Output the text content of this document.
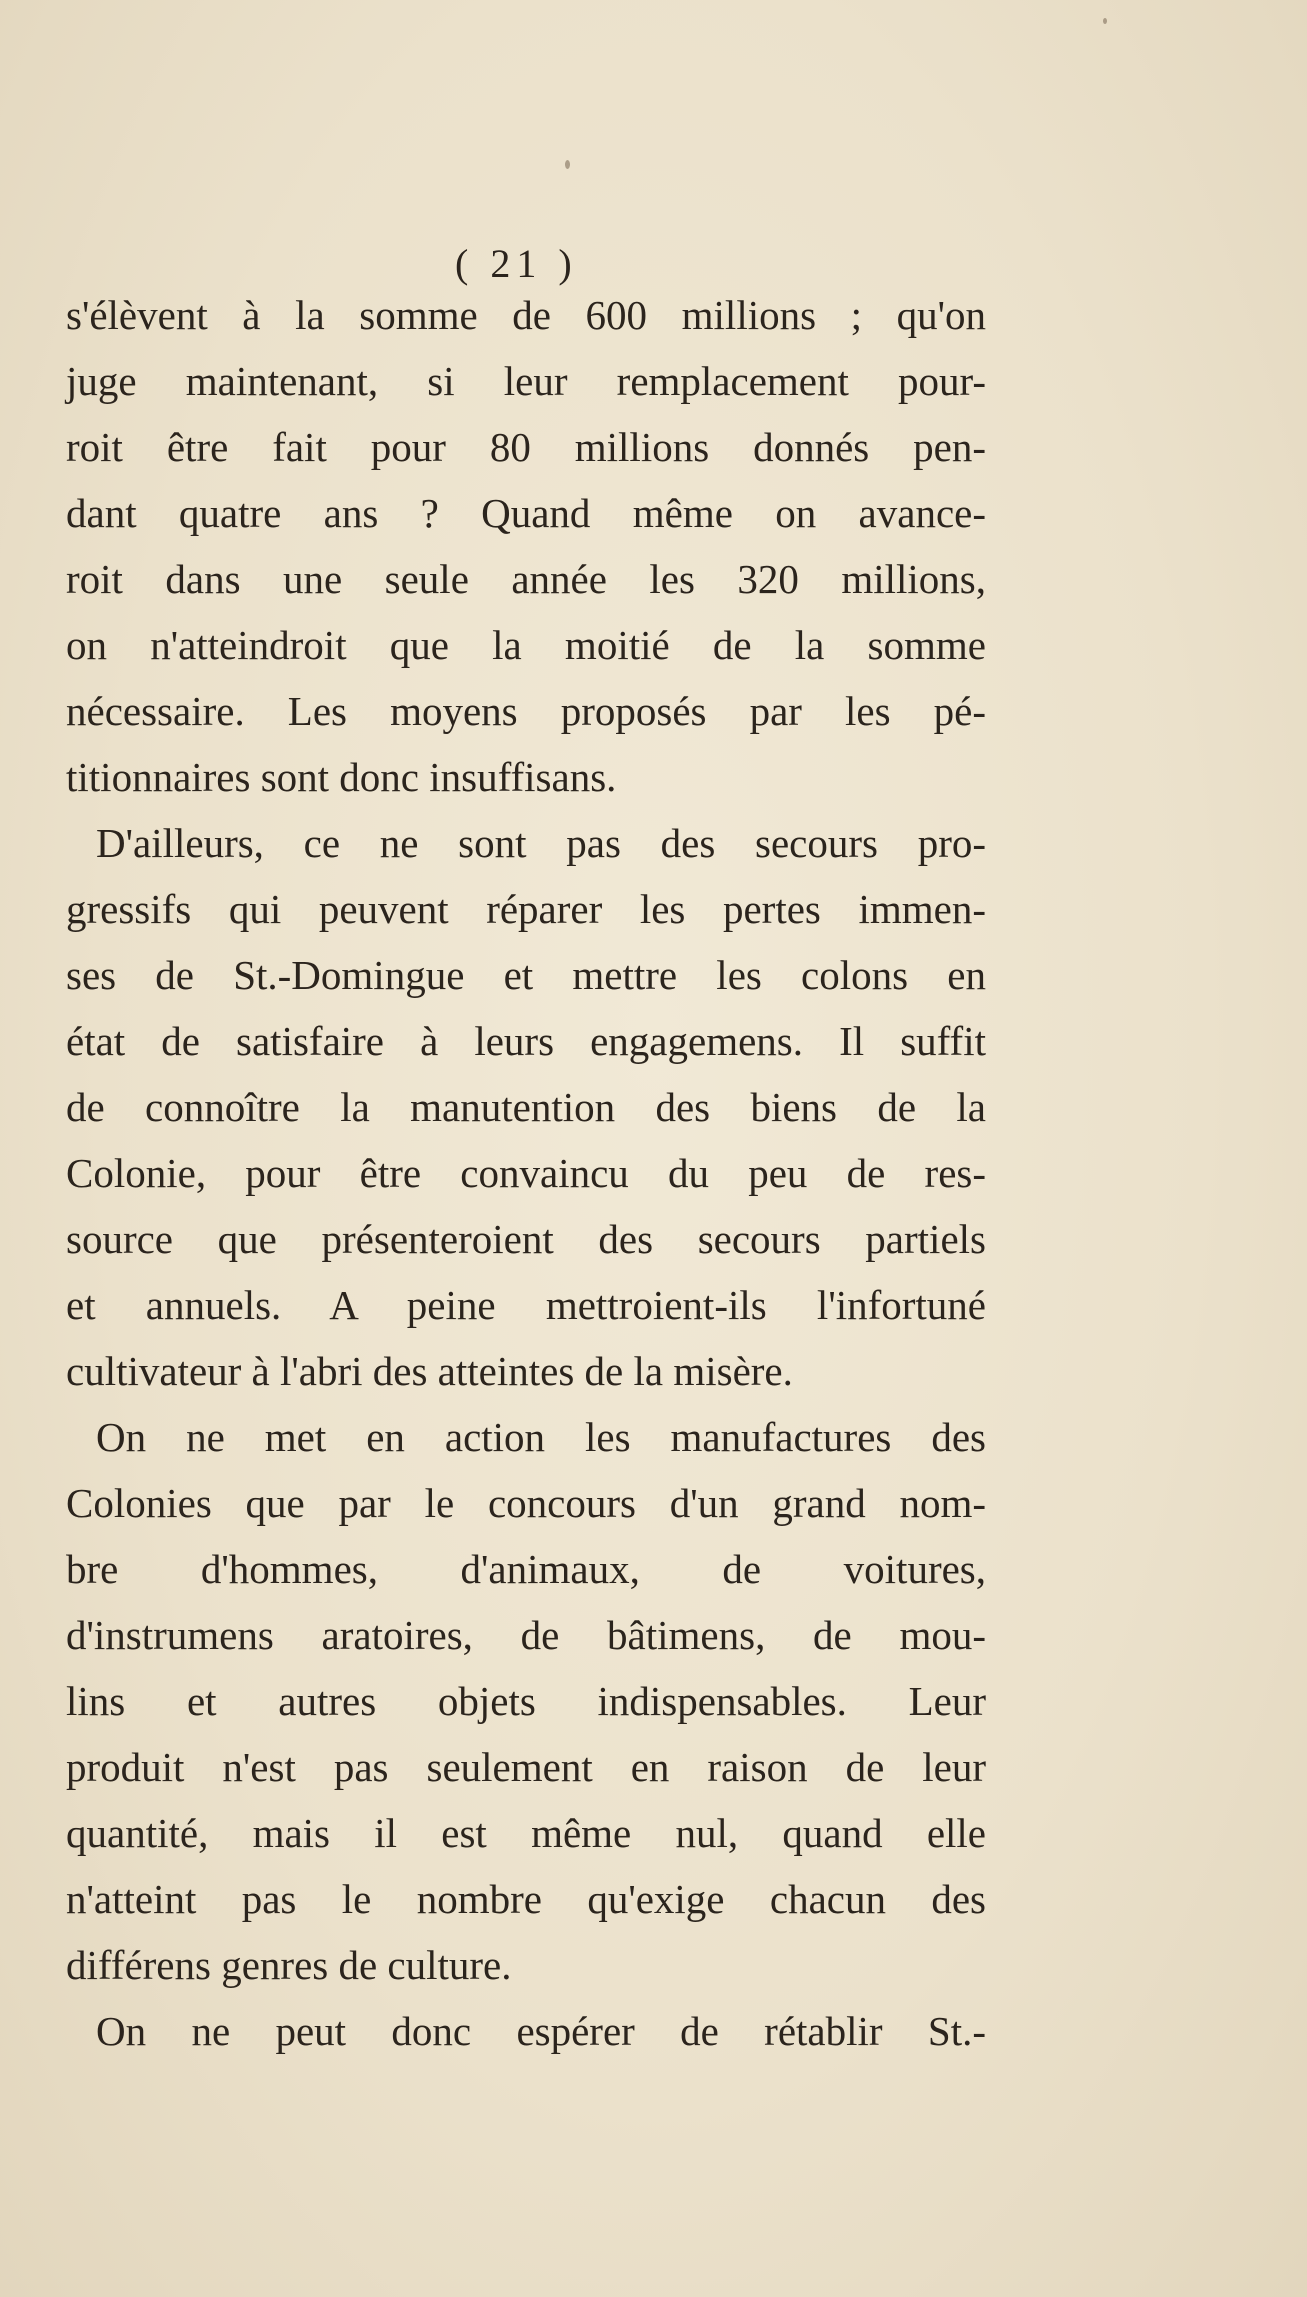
( 21 )
s'élèvent à la somme de 600 millions ; qu'on
juge maintenant, si leur remplacement pour-
roit être fait pour 80 millions donnés pen-
dant quatre ans ? Quand même on avance-
roit dans une seule année les 320 millions,
on n'atteindroit que la moitié de la somme
nécessaire. Les moyens proposés par les pé-
titionnaires sont donc insuffisans.
D'ailleurs, ce ne sont pas des secours pro-
gressifs qui peuvent réparer les pertes immen-
ses de St.-Domingue et mettre les colons en
état de satisfaire à leurs engagemens. Il suffit
de connoître la manutention des biens de la
Colonie, pour être convaincu du peu de res-
source que présenteroient des secours partiels
et annuels. A peine mettroient-ils l'infortuné
cultivateur à l'abri des atteintes de la misère.
On ne met en action les manufactures des
Colonies que par le concours d'un grand nom-
bre d'hommes, d'animaux, de voitures,
d'instrumens aratoires, de bâtimens, de mou-
lins et autres objets indispensables. Leur
produit n'est pas seulement en raison de leur
quantité, mais il est même nul, quand elle
n'atteint pas le nombre qu'exige chacun des
différens genres de culture.
On ne peut donc espérer de rétablir St.-
